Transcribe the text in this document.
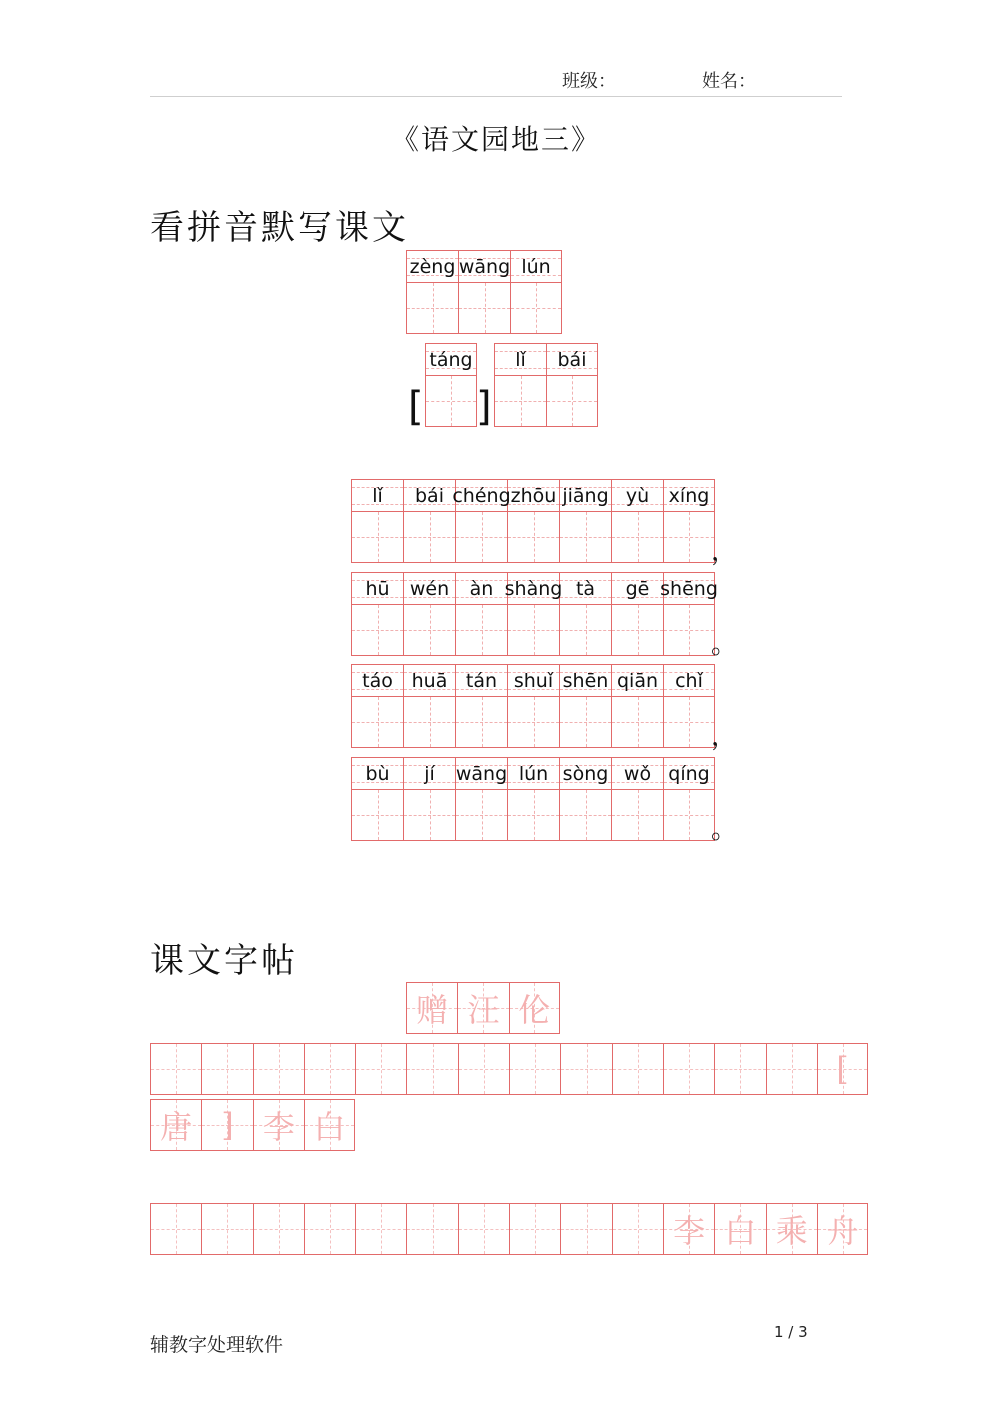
班级：	姓名：
《语文园地三》
看拼音默写课文
zèng wāng lún
[
táng
]
lǐ bái
lǐ bái chéng zhōu jiāng yù xíng
，
hū wén àn shàng tà gē shēng
。
táo huā tán shuǐ shēn qiān chǐ
，
bù jí wāng lún sòng wǒ qíng
。
课文字帖
赠 汪 伦
[
唐 ] 李 白
李 白 乘 舟
辅教字处理软件
1 / 3
